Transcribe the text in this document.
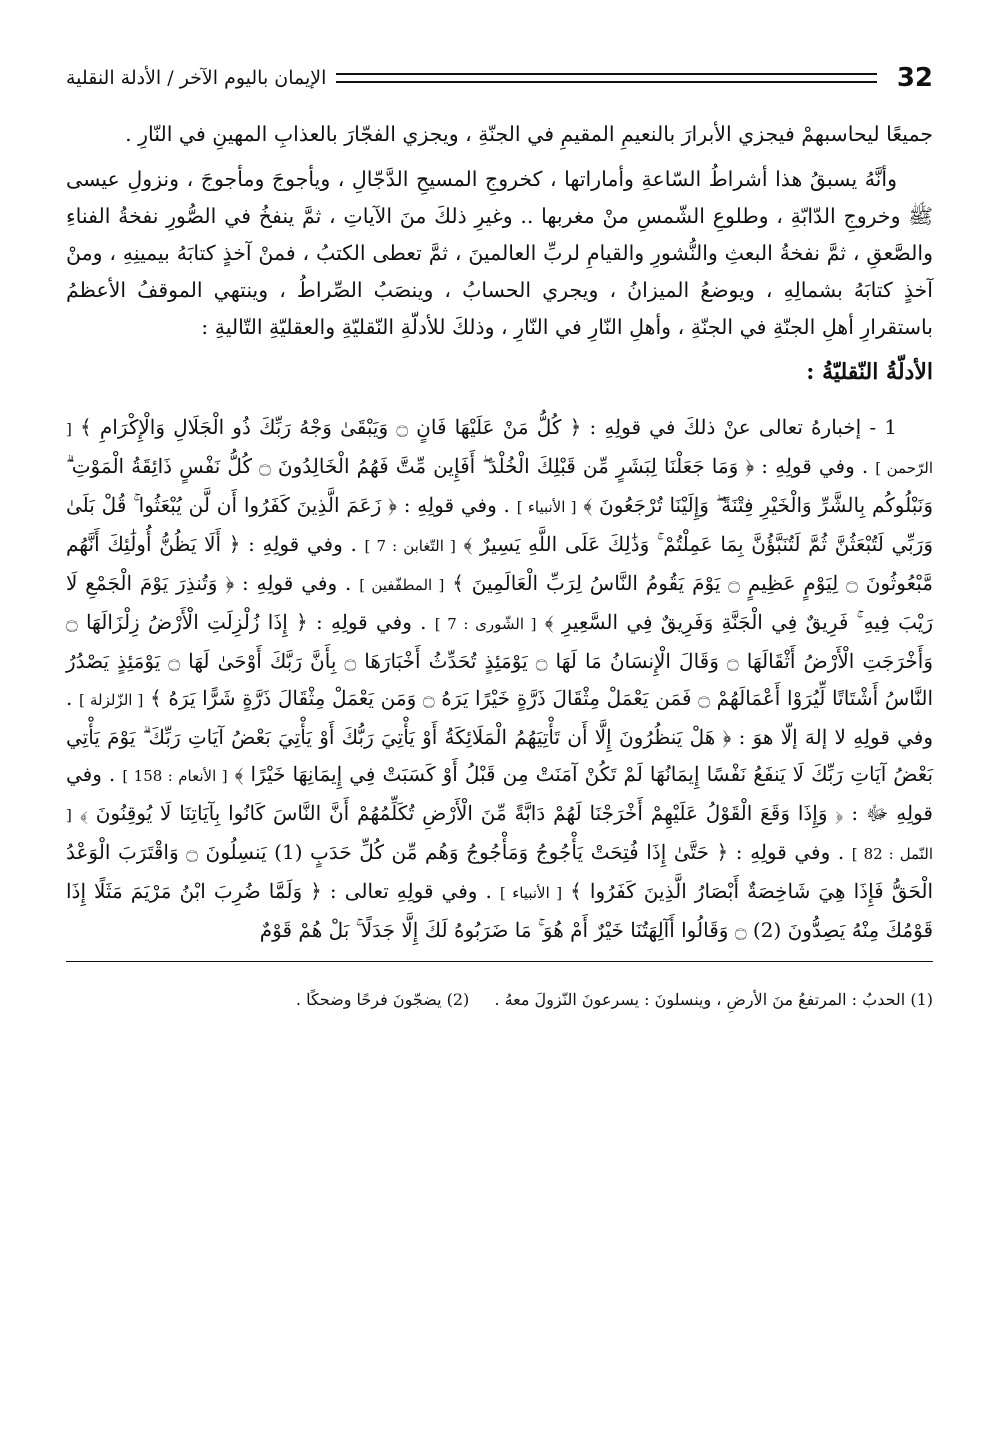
32
الإيمان باليوم الآخر / الأدلة النقلية

جميعًا ليحاسبهمْ فيجزي الأبرارَ بالنعيمِ المقيمِ في الجنّةِ ، ويجزي الفجّارَ بالعذابِ المهينِ في النّارِ .

وأنَّهُ يسبقُ هذا أشراطُ السّاعةِ وأماراتها ، كخروجِ المسيحِ الدَّجّالِ ، ويأجوجَ ومأجوجَ ، ونزولِ عيسى ﷺ وخروجِ الدّابّةِ ، وطلوعِ الشّمسِ منْ مغربها .. وغيرِ ذلكَ منَ الآياتِ ، ثمَّ ينفخُ في الصُّورِ نفخةُ الفناءِ والصَّعقِ ، ثمَّ نفخةُ البعثِ والنُّشورِ والقيامِ لربِّ العالمينَ ، ثمَّ تعطى الكتبُ ، فمنْ آخذٍ كتابَهُ بيمينِهِ ، ومنْ آخذٍ كتابَهُ بشمالِهِ ، ويوضعُ الميزانُ ، ويجري الحسابُ ، وينصَبُ الصِّراطُ ، وينتهي الموقفُ الأعظمُ باستقرارِ أهلِ الجنّةِ في الجنّةِ ، وأهلِ النّارِ في النّارِ ، وذلكَ للأدلّةِ النّقليّةِ والعقليّةِ التّاليةِ :

الأدلّةُ النّقليّةُ :

1 - إخبارهُ تعالى عنْ ذلكَ في قولِهِ : ﴿ كُلُّ مَنْ عَلَيْهَا فَانٍ ۝ وَيَبْقَىٰ وَجْهُ رَبِّكَ ذُو الْجَلَالِ وَالْإِكْرَامِ ﴾ [ الرّحمن ] . وفي قولِهِ : ﴿ وَمَا جَعَلْنَا لِبَشَرٍ مِّن قَبْلِكَ الْخُلْدَ ۖ أَفَإِين مِّتَّ فَهُمُ الْخَالِدُونَ ۝ كُلُّ نَفْسٍ ذَائِقَةُ الْمَوْتِ ۗ وَنَبْلُوكُم بِالشَّرِّ وَالْخَيْرِ فِتْنَةً ۖ وَإِلَيْنَا تُرْجَعُونَ ﴾ [ الأنبياء ] . وفي قولِهِ : ﴿ زَعَمَ الَّذِينَ كَفَرُوا أَن لَّن يُبْعَثُوا ۚ قُلْ بَلَىٰ وَرَبِّي لَتُبْعَثُنَّ ثُمَّ لَتُنَبَّؤُنَّ بِمَا عَمِلْتُمْ ۚ وَذَٰلِكَ عَلَى اللَّهِ يَسِيرٌ ﴾ [ التّغابن : 7 ] . وفي قولِهِ : ﴿ أَلَا يَظُنُّ أُولَٰئِكَ أَنَّهُم مَّبْعُوثُونَ ۝ لِيَوْمٍ عَظِيمٍ ۝ يَوْمَ يَقُومُ النَّاسُ لِرَبِّ الْعَالَمِينَ ﴾ [ المطفّفين ] . وفي قولِهِ : ﴿ وَتُنذِرَ يَوْمَ الْجَمْعِ لَا رَيْبَ فِيهِ ۚ فَرِيقٌ فِي الْجَنَّةِ وَفَرِيقٌ فِي السَّعِيرِ ﴾ [ الشّورى : 7 ] . وفي قولِهِ : ﴿ إِذَا زُلْزِلَتِ الْأَرْضُ زِلْزَالَهَا ۝ وَأَخْرَجَتِ الْأَرْضُ أَثْقَالَهَا ۝ وَقَالَ الْإِنسَانُ مَا لَهَا ۝ يَوْمَئِذٍ تُحَدِّثُ أَخْبَارَهَا ۝ بِأَنَّ رَبَّكَ أَوْحَىٰ لَهَا ۝ يَوْمَئِذٍ يَصْدُرُ النَّاسُ أَشْتَاتًا لِّيُرَوْا أَعْمَالَهُمْ ۝ فَمَن يَعْمَلْ مِثْقَالَ ذَرَّةٍ خَيْرًا يَرَهُ ۝ وَمَن يَعْمَلْ مِثْقَالَ ذَرَّةٍ شَرًّا يَرَهُ ﴾ [ الزّلزلة ] . وفي قولِهِ لا إلهَ إلّا هوَ : ﴿ هَلْ يَنظُرُونَ إِلَّا أَن تَأْتِيَهُمُ الْمَلَائِكَةُ أَوْ يَأْتِيَ رَبُّكَ أَوْ يَأْتِيَ بَعْضُ آيَاتِ رَبِّكَ ۗ يَوْمَ يَأْتِي بَعْضُ آيَاتِ رَبِّكَ لَا يَنفَعُ نَفْسًا إِيمَانُهَا لَمْ تَكُنْ آمَنَتْ مِن قَبْلُ أَوْ كَسَبَتْ فِي إِيمَانِهَا خَيْرًا ﴾ [ الأنعام : 158 ] . وفي قولِهِ ﷻ : ﴿ وَإِذَا وَقَعَ الْقَوْلُ عَلَيْهِمْ أَخْرَجْنَا لَهُمْ دَابَّةً مِّنَ الْأَرْضِ تُكَلِّمُهُمْ أَنَّ النَّاسَ كَانُوا بِآيَاتِنَا لَا يُوقِنُونَ ﴾ [ النّمل : 82 ] . وفي قولِهِ : ﴿ حَتَّىٰ إِذَا فُتِحَتْ يَأْجُوجُ وَمَأْجُوجُ وَهُم مِّن كُلِّ حَدَبٍ (1) يَنسِلُونَ ۝ وَاقْتَرَبَ الْوَعْدُ الْحَقُّ فَإِذَا هِيَ شَاخِصَةٌ أَبْصَارُ الَّذِينَ كَفَرُوا ﴾ [ الأنبياء ] . وفي قولِهِ تعالى : ﴿ وَلَمَّا ضُرِبَ ابْنُ مَرْيَمَ مَثَلًا إِذَا قَوْمُكَ مِنْهُ يَصِدُّونَ (2) ۝ وَقَالُوا أَآلِهَتُنَا خَيْرٌ أَمْ هُوَ ۚ مَا ضَرَبُوهُ لَكَ إِلَّا جَدَلًا ۚ بَلْ هُمْ قَوْمٌ

(1) الحدبُ : المرتفعُ منَ الأرضِ ، وينسلونَ : يسرعونَ النّزولَ معهُ . (2) يضجّونَ فرحًا وضحكًا .
